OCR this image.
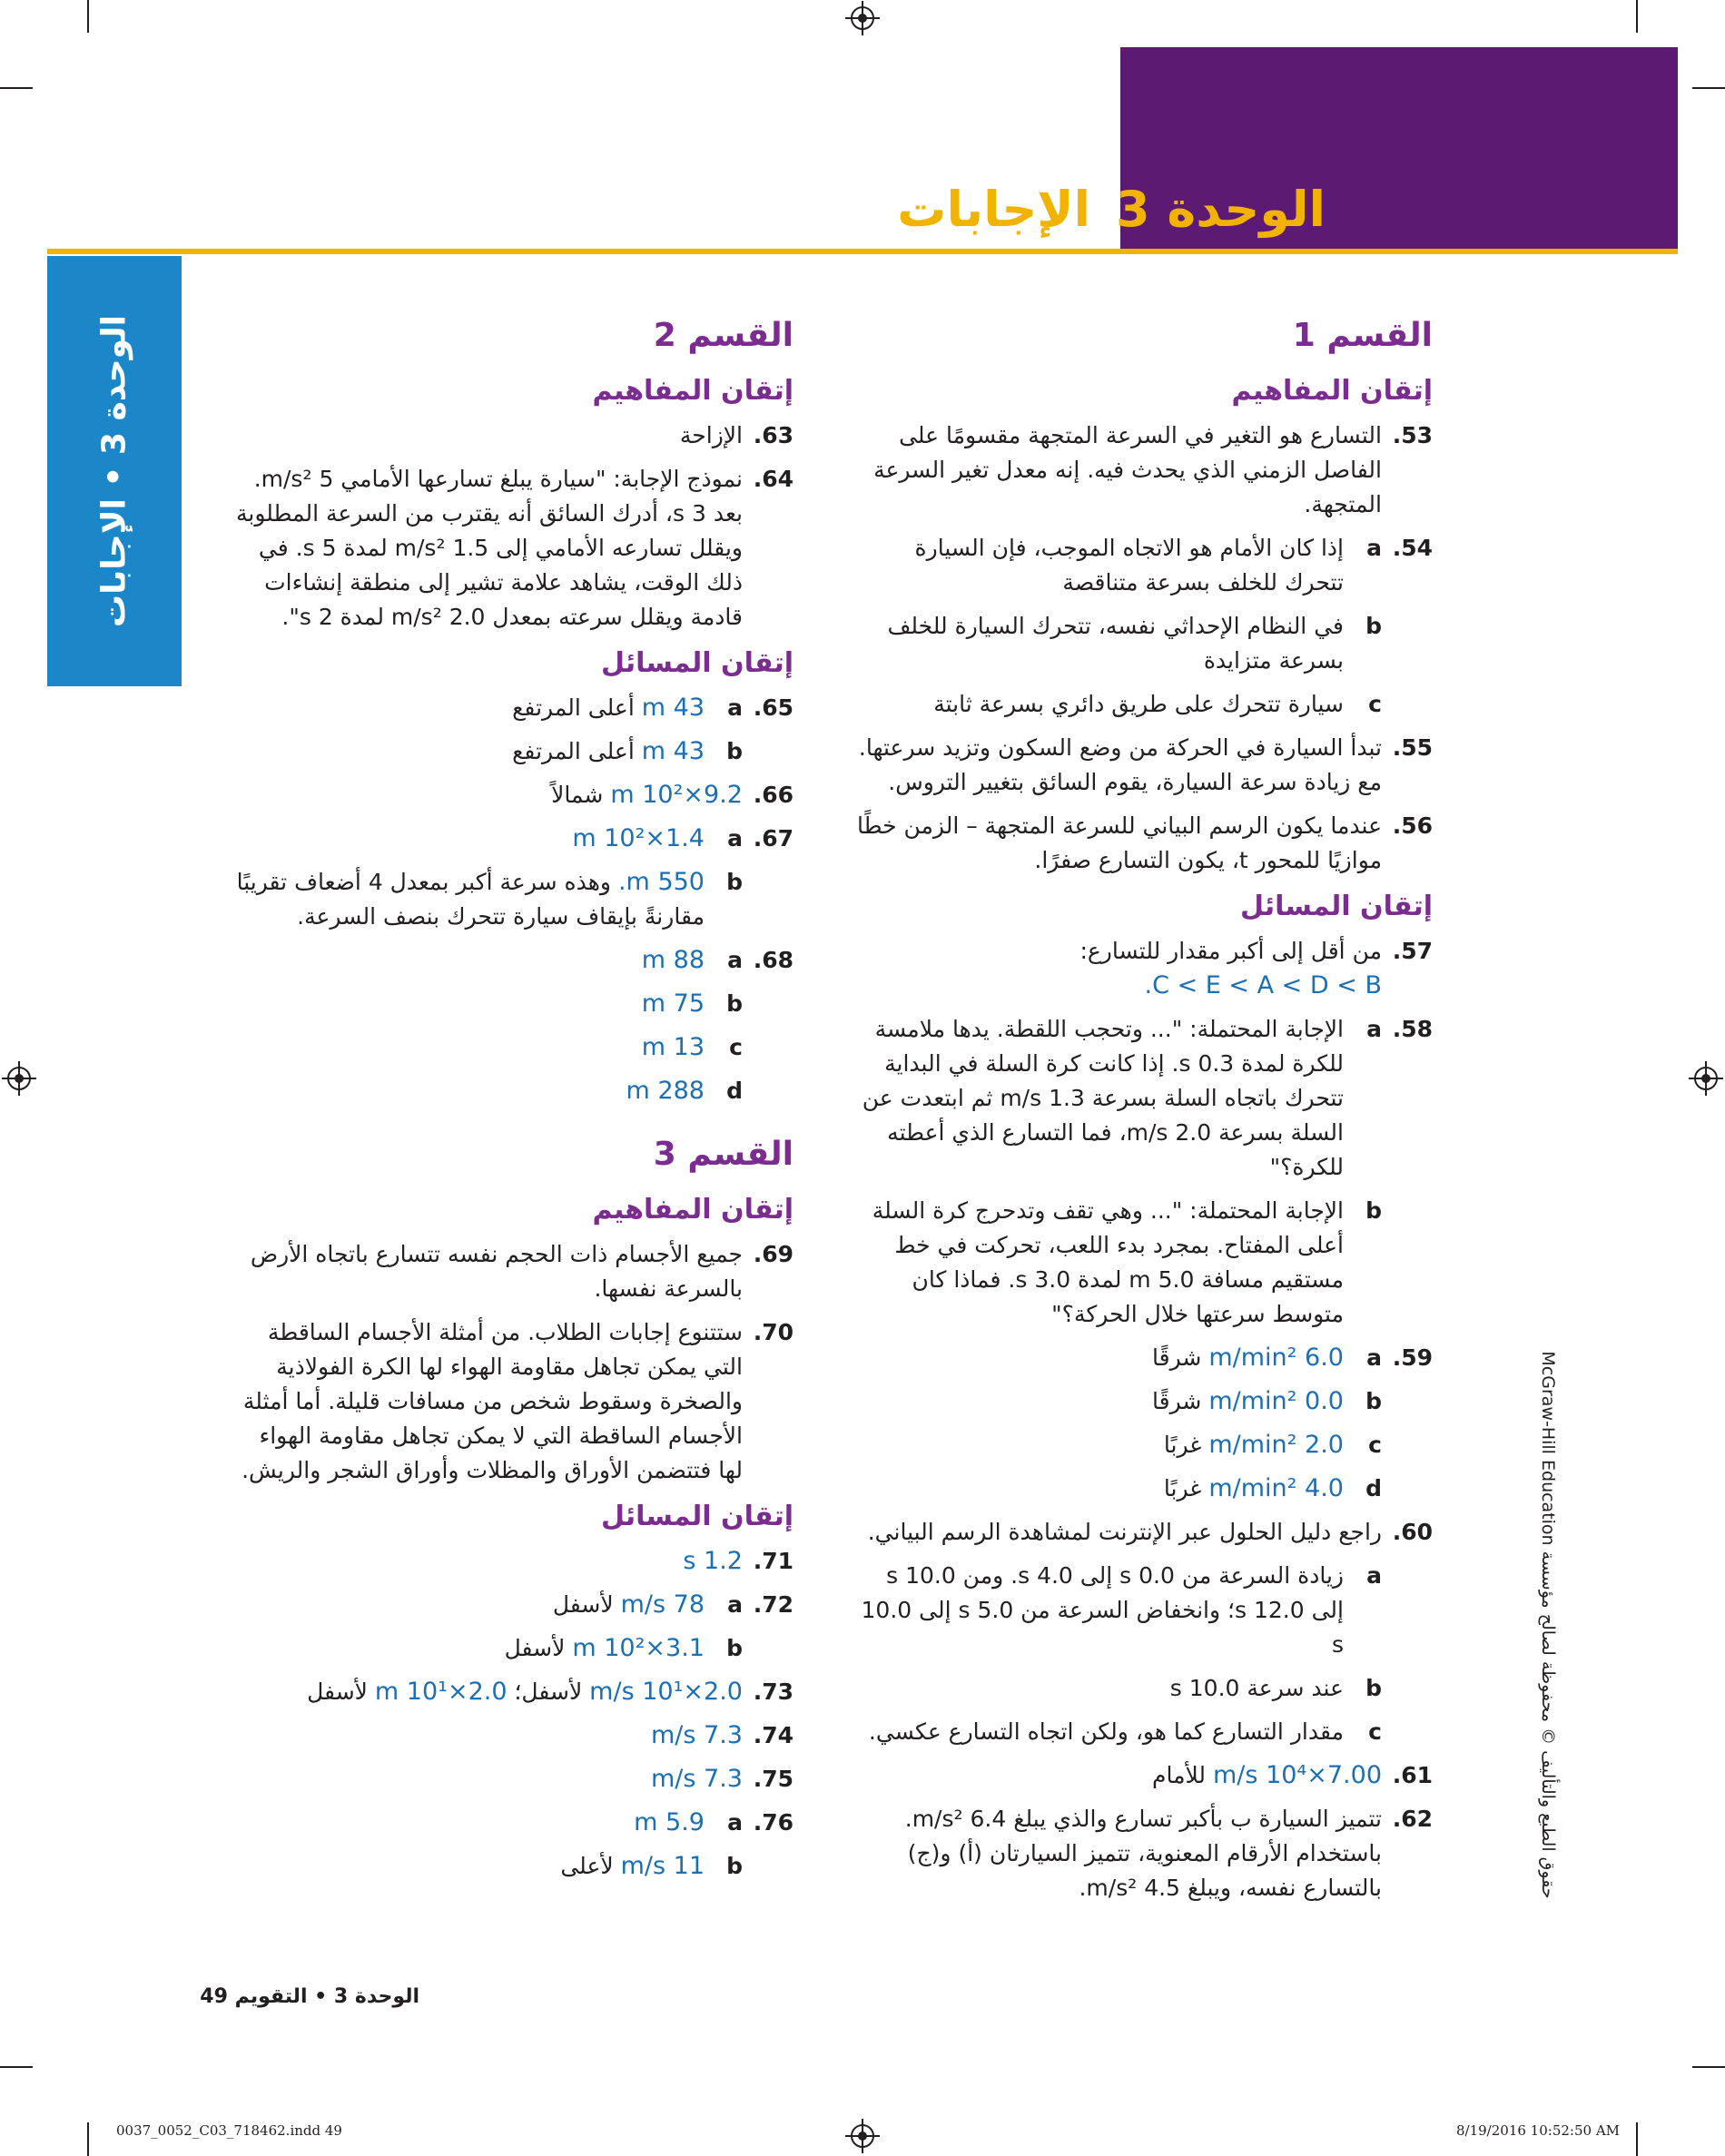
الوحدة 3
الإجابات
الوحدة 3 • الإجابات	القسم 1
إتقان المفاهيم
53.
التسارع هو التغير في السرعة المتجهة مقسومًا على الفاصل الزمني الذي يحدث فيه. إنه معدل تغير السرعة المتجهة.
54.
a
إذا كان الأمام هو الاتجاه الموجب، فإن السيارة تتحرك للخلف بسرعة متناقصة
b
في النظام الإحداثي نفسه، تتحرك السيارة للخلف بسرعة متزايدة
c
سيارة تتحرك على طريق دائري بسرعة ثابتة
55.
تبدأ السيارة في الحركة من وضع السكون وتزيد سرعتها. مع زيادة سرعة السيارة، يقوم السائق بتغيير التروس.
56.
عندما يكون الرسم البياني للسرعة المتجهة – الزمن خطًا موازيًا للمحور t، يكون التسارع صفرًا.
إتقان المسائل
57.
من أقل إلى أكبر مقدار للتسارع:
C < E < A < D < B.
58.
a
الإجابة المحتملة: "... وتحجب اللقطة. يدها ملامسة للكرة لمدة 0.3 s. إذا كانت كرة السلة في البداية تتحرك باتجاه السلة بسرعة 1.3 m/s ثم ابتعدت عن السلة بسرعة 2.0 m/s، فما التسارع الذي أعطته للكرة؟"
b
الإجابة المحتملة: "... وهي تقف وتدحرج كرة السلة أعلى المفتاح. بمجرد بدء اللعب، تحركت في خط مستقيم مسافة 5.0 m لمدة 3.0 s. فماذا كان متوسط سرعتها خلال الحركة؟"
59.
a
6.0 m/min² شرقًا
b
0.0 m/min² شرقًا
c
2.0 m/min² غربًا
d
4.0 m/min² غربًا
60.
راجع دليل الحلول عبر الإنترنت لمشاهدة الرسم البياني.
a
زيادة السرعة من 0.0 s إلى 4.0 s. ومن 10.0 s إلى 12.0 s؛ وانخفاض السرعة من 5.0 s إلى 10.0 s
b
عند سرعة 10.0 s
c
مقدار التسارع كما هو، ولكن اتجاه التسارع عكسي.
61.
7.00×10⁴ m/s للأمام
62.
تتميز السيارة ب بأكبر تسارع والذي يبلغ 6.4 m/s². باستخدام الأرقام المعنوية، تتميز السيارتان (أ) و(ج) بالتسارع نفسه، ويبلغ 4.5 m/s².
القسم 2
إتقان المفاهيم
63.
الإزاحة
64.
نموذج الإجابة: "سيارة يبلغ تسارعها الأمامي 5 m/s². بعد 3 s، أدرك السائق أنه يقترب من السرعة المطلوبة ويقلل تسارعه الأمامي إلى 1.5 m/s² لمدة 5 s. في ذلك الوقت، يشاهد علامة تشير إلى منطقة إنشاءات قادمة ويقلل سرعته بمعدل 2.0 m/s² لمدة 2 s".
إتقان المسائل
65.
a
43 m أعلى المرتفع
b
43 m أعلى المرتفع
66.
9.2×10² m شمالاً
67.
a
1.4×10² m
b
550 m. وهذه سرعة أكبر بمعدل 4 أضعاف تقريبًا مقارنةً بإيقاف سيارة تتحرك بنصف السرعة.
68.
a
88 m
b
75 m
c
13 m
d
288 m
القسم 3
إتقان المفاهيم
69.
جميع الأجسام ذات الحجم نفسه تتسارع باتجاه الأرض بالسرعة نفسها.
70.
ستتنوع إجابات الطلاب. من أمثلة الأجسام الساقطة التي يمكن تجاهل مقاومة الهواء لها الكرة الفولاذية والصخرة وسقوط شخص من مسافات قليلة. أما أمثلة الأجسام الساقطة التي لا يمكن تجاهل مقاومة الهواء لها فتتضمن الأوراق والمظلات وأوراق الشجر والريش.
إتقان المسائل
71.
1.2 s
72.
a
78 m/s لأسفل
b
3.1×10² m لأسفل
73.
2.0×10¹ m/s لأسفل؛ 2.0×10¹ m لأسفل
74.
7.3 m/s
75.
7.3 m/s
76.
a
5.9 m
b
11 m/s لأعلى
حقوق الطبع والتأليف © محفوظة لصالح مؤسسة McGraw-Hill Education
الوحدة 3 • التقويم 49
0037_0052_C03_718462.indd 49	8/19/2016 10:52:50 AM
